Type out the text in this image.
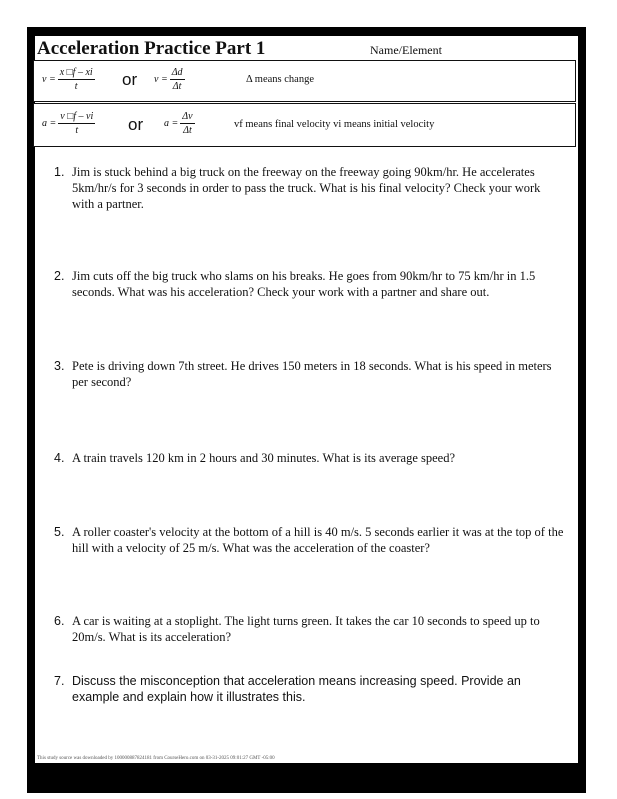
Acceleration Practice Part 1	Name/Element
$v = \frac{x □f - xi}{t}$ or $v = \frac{\Delta d}{\Delta t}$	Δ means change
$a = \frac{v □f - vi}{t}$ or $a = \frac{\Delta v}{\Delta t}$	vf means final velocity vi means initial velocity
1. Jim is stuck behind a big truck on the freeway on the freeway going 90km/hr. He accelerates 5km/hr/s for 3 seconds in order to pass the truck. What is his final velocity? Check your work with a partner.
2. Jim cuts off the big truck who slams on his breaks. He goes from 90km/hr to 75 km/hr in 1.5 seconds. What was his acceleration? Check your work with a partner and share out.
3. Pete is driving down 7th street. He drives 150 meters in 18 seconds. What is his speed in meters per second?
4. A train travels 120 km in 2 hours and 30 minutes. What is its average speed?
5. A roller coaster's velocity at the bottom of a hill is 40 m/s. 5 seconds earlier it was at the top of the hill with a velocity of 25 m/s. What was the acceleration of the coaster?
6. A car is waiting at a stoplight. The light turns green. It takes the car 10 seconds to speed up to 20m/s. What is its acceleration?
7. Discuss the misconception that acceleration means increasing speed. Provide an example and explain how it illustrates this.
This study source was downloaded by 100000887824181 from CourseHero.com on 03-31-2025 09:01:27 GMT -05:00
